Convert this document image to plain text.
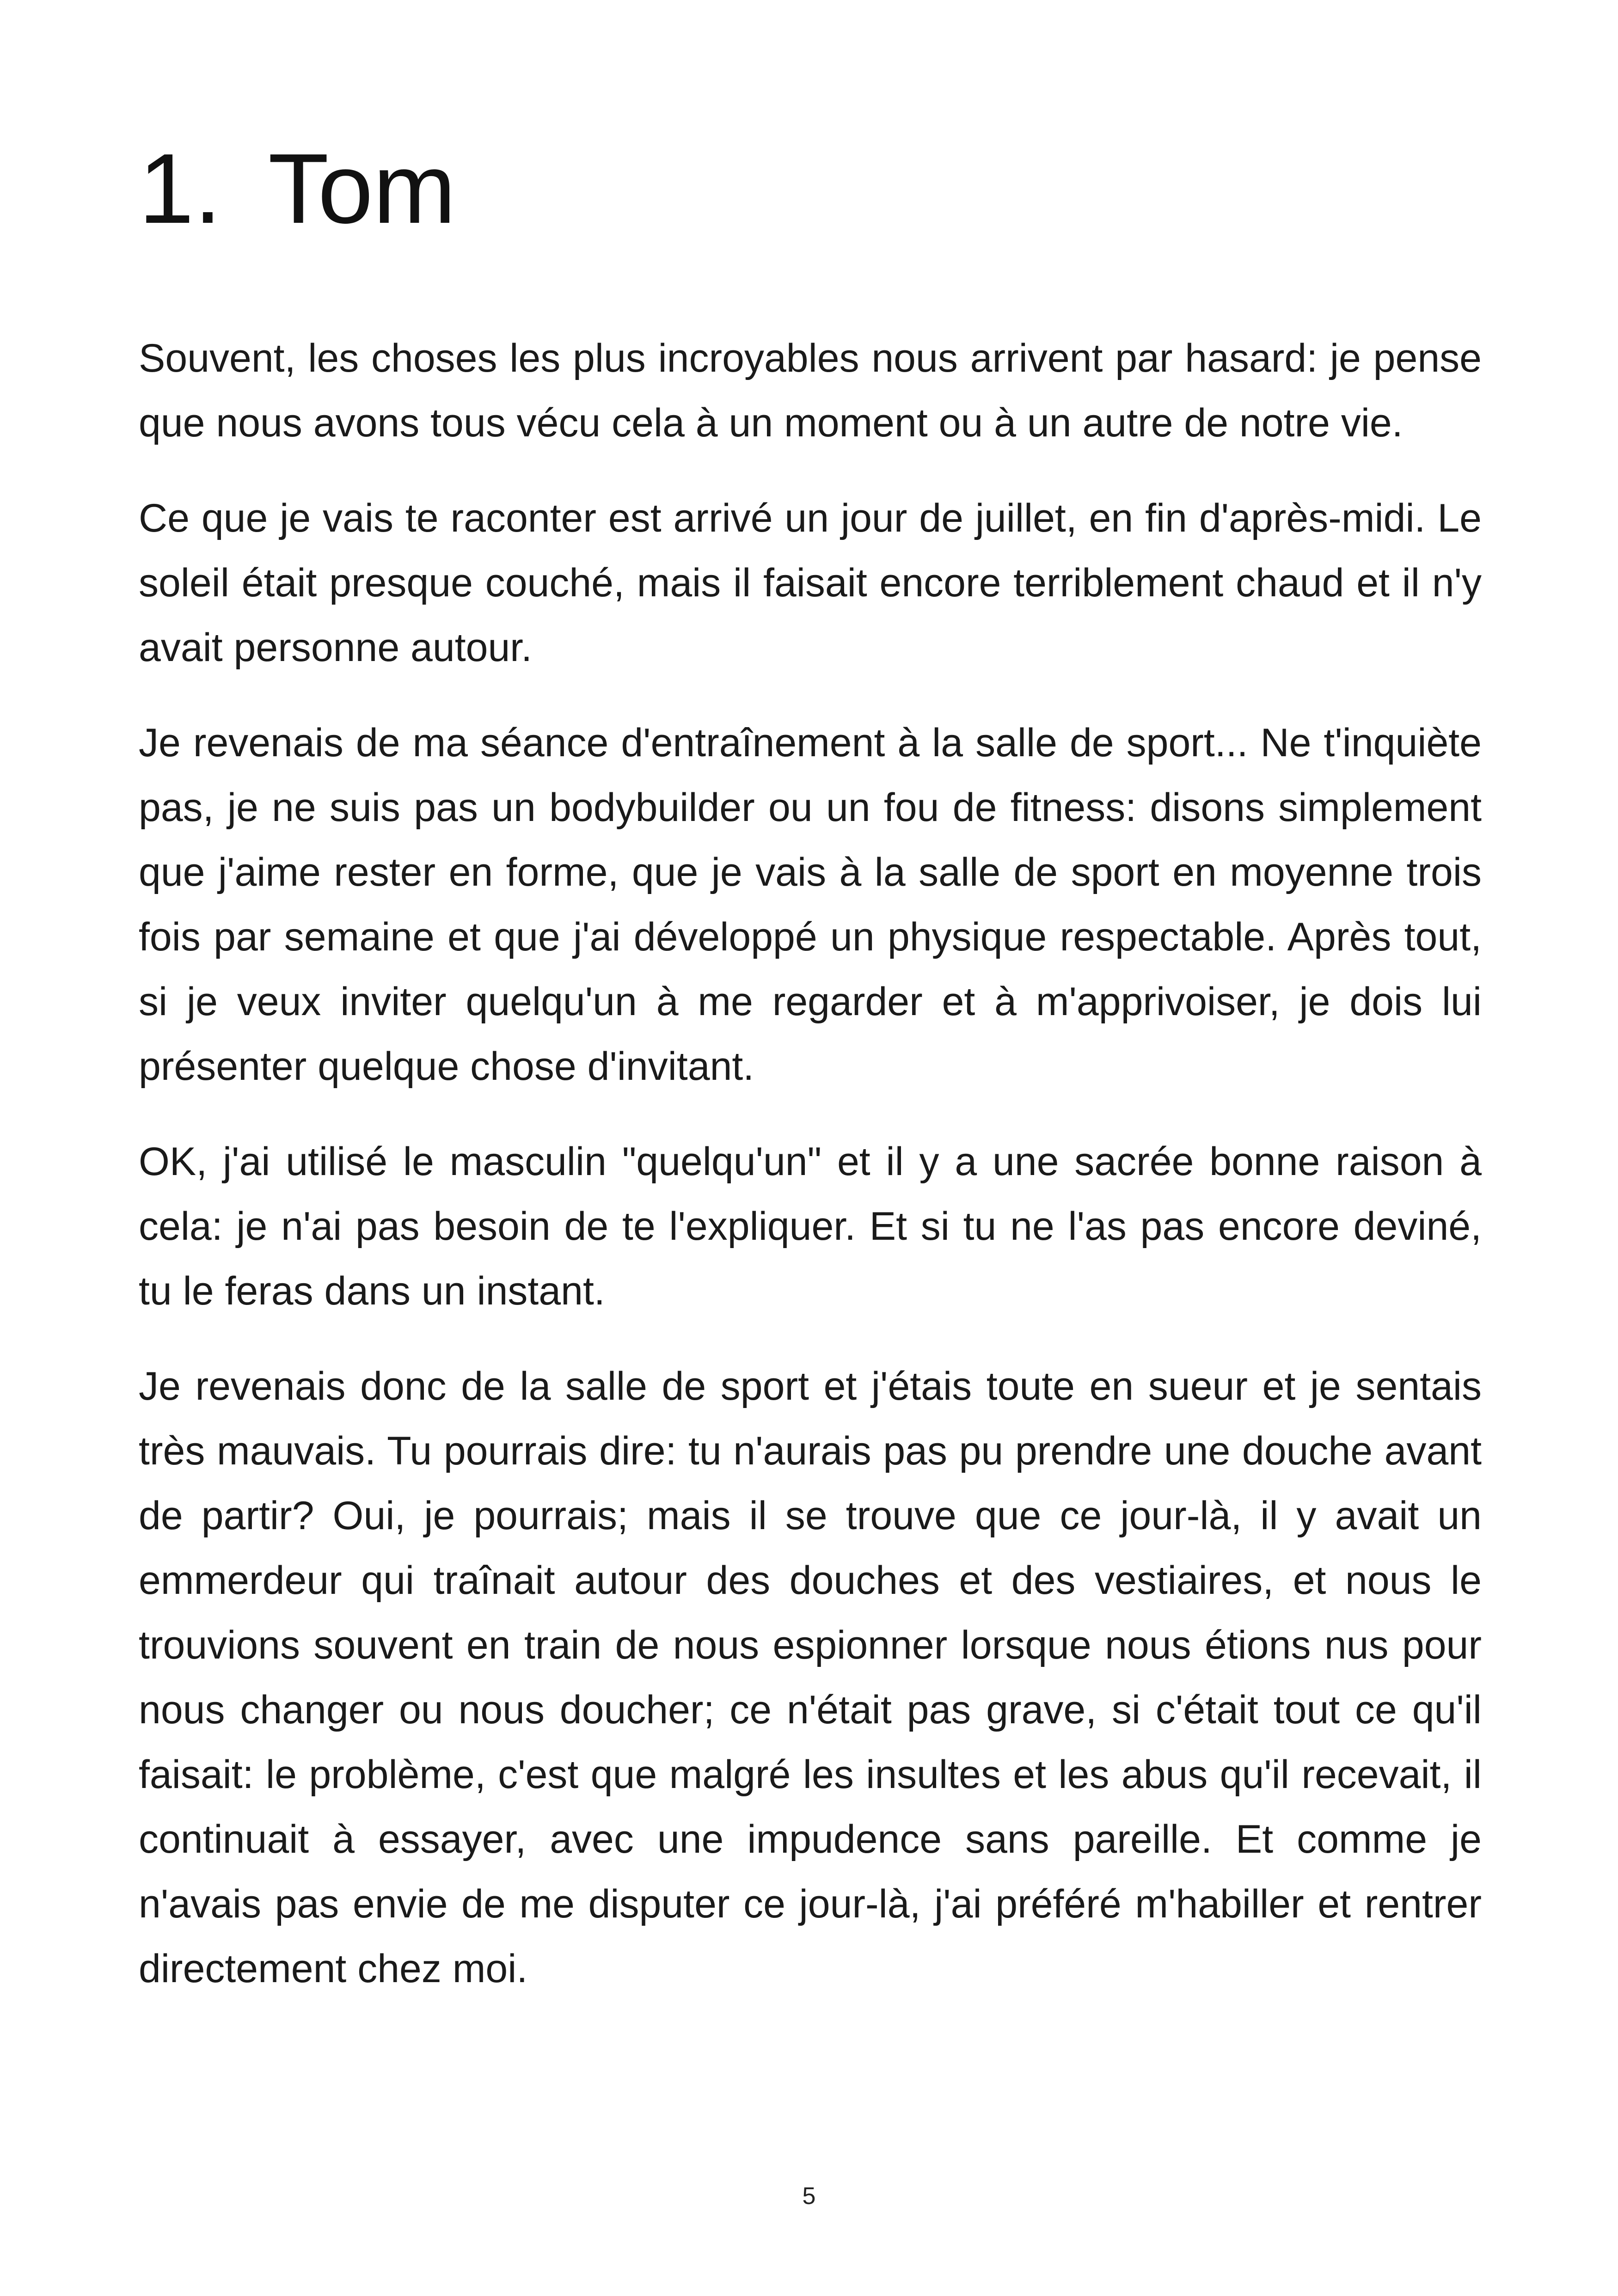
1. Tom

Souvent, les choses les plus incroyables nous arrivent par hasard: je pense que nous avons tous vécu cela à un moment ou à un autre de notre vie.

Ce que je vais te raconter est arrivé un jour de juillet, en fin d'après-midi. Le soleil était presque couché, mais il faisait encore terriblement chaud et il n'y avait personne autour.

Je revenais de ma séance d'entraînement à la salle de sport... Ne t'inquiète pas, je ne suis pas un bodybuilder ou un fou de fitness: disons simplement que j'aime rester en forme, que je vais à la salle de sport en moyenne trois fois par semaine et que j'ai développé un physique respectable. Après tout, si je veux inviter quelqu'un à me regarder et à m'apprivoiser, je dois lui présenter quelque chose d'invitant.

OK, j'ai utilisé le masculin "quelqu'un" et il y a une sacrée bonne raison à cela: je n'ai pas besoin de te l'expliquer. Et si tu ne l'as pas encore deviné, tu le feras dans un instant.

Je revenais donc de la salle de sport et j'étais toute en sueur et je sentais très mauvais. Tu pourrais dire: tu n'aurais pas pu prendre une douche avant de partir? Oui, je pourrais; mais il se trouve que ce jour-là, il y avait un emmerdeur qui traînait autour des douches et des vestiaires, et nous le trouvions souvent en train de nous espionner lorsque nous étions nus pour nous changer ou nous doucher; ce n'était pas grave, si c'était tout ce qu'il faisait: le problème, c'est que malgré les insultes et les abus qu'il recevait, il continuait à essayer, avec une impudence sans pareille. Et comme je n'avais pas envie de me disputer ce jour-là, j'ai préféré m'habiller et rentrer directement chez moi.

5
